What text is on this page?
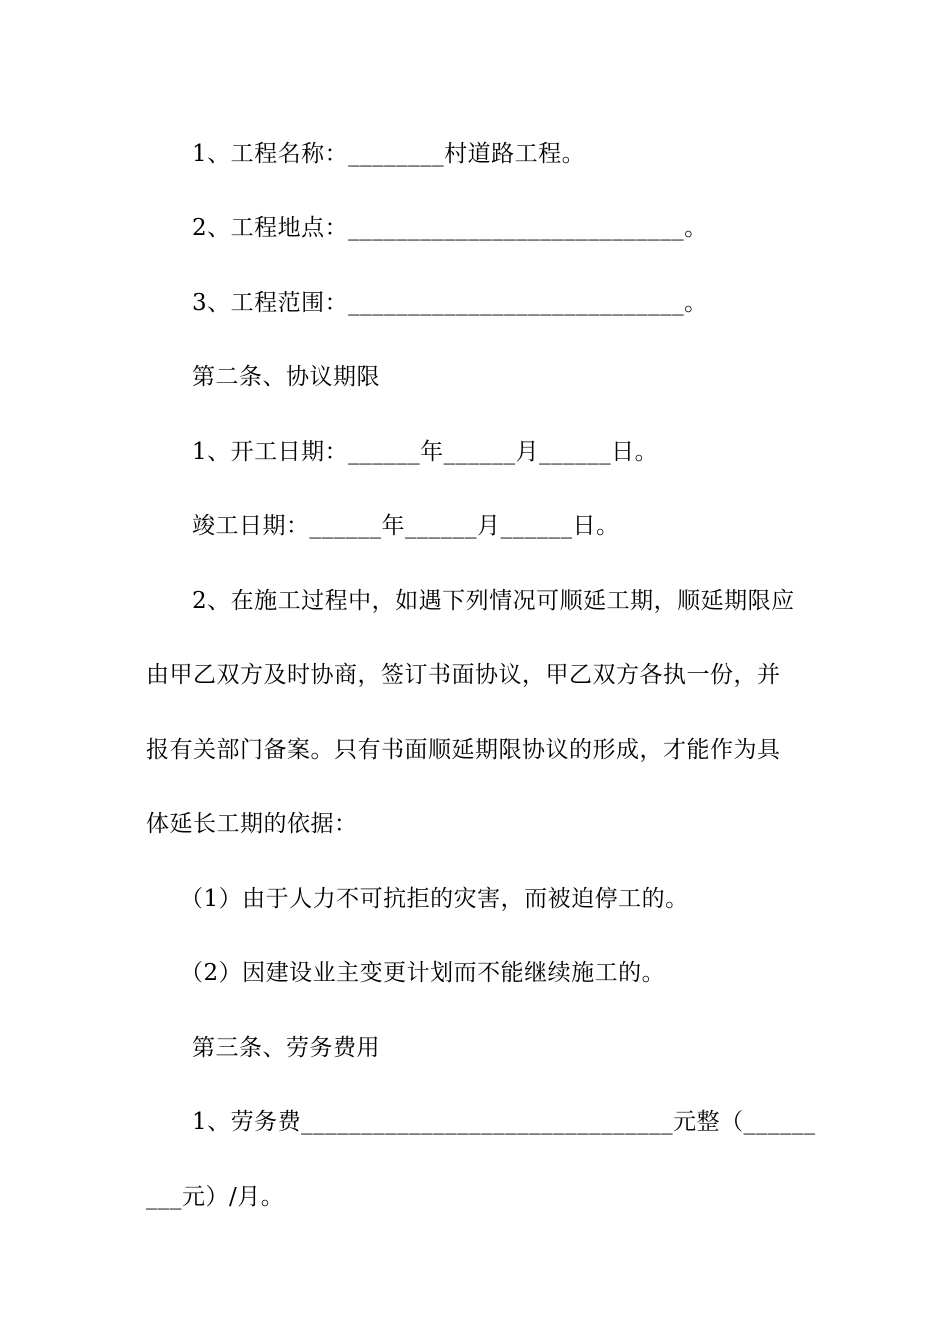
1、工程名称：________村道路工程。
2、工程地点：____________________________。
3、工程范围：____________________________。
第二条、协议期限
1、开工日期：______年______月______日。
竣工日期：______年______月______日。
2、在施工过程中，如遇下列情况可顺延工期，顺延期限应
由甲乙双方及时协商，签订书面协议，甲乙双方各执一份，并
报有关部门备案。只有书面顺延期限协议的形成，才能作为具
体延长工期的依据：
（1）由于人力不可抗拒的灾害，而被迫停工的。
（2）因建设业主变更计划而不能继续施工的。
第三条、劳务费用
1、劳务费_______________________________元整（______
___元）/月。
